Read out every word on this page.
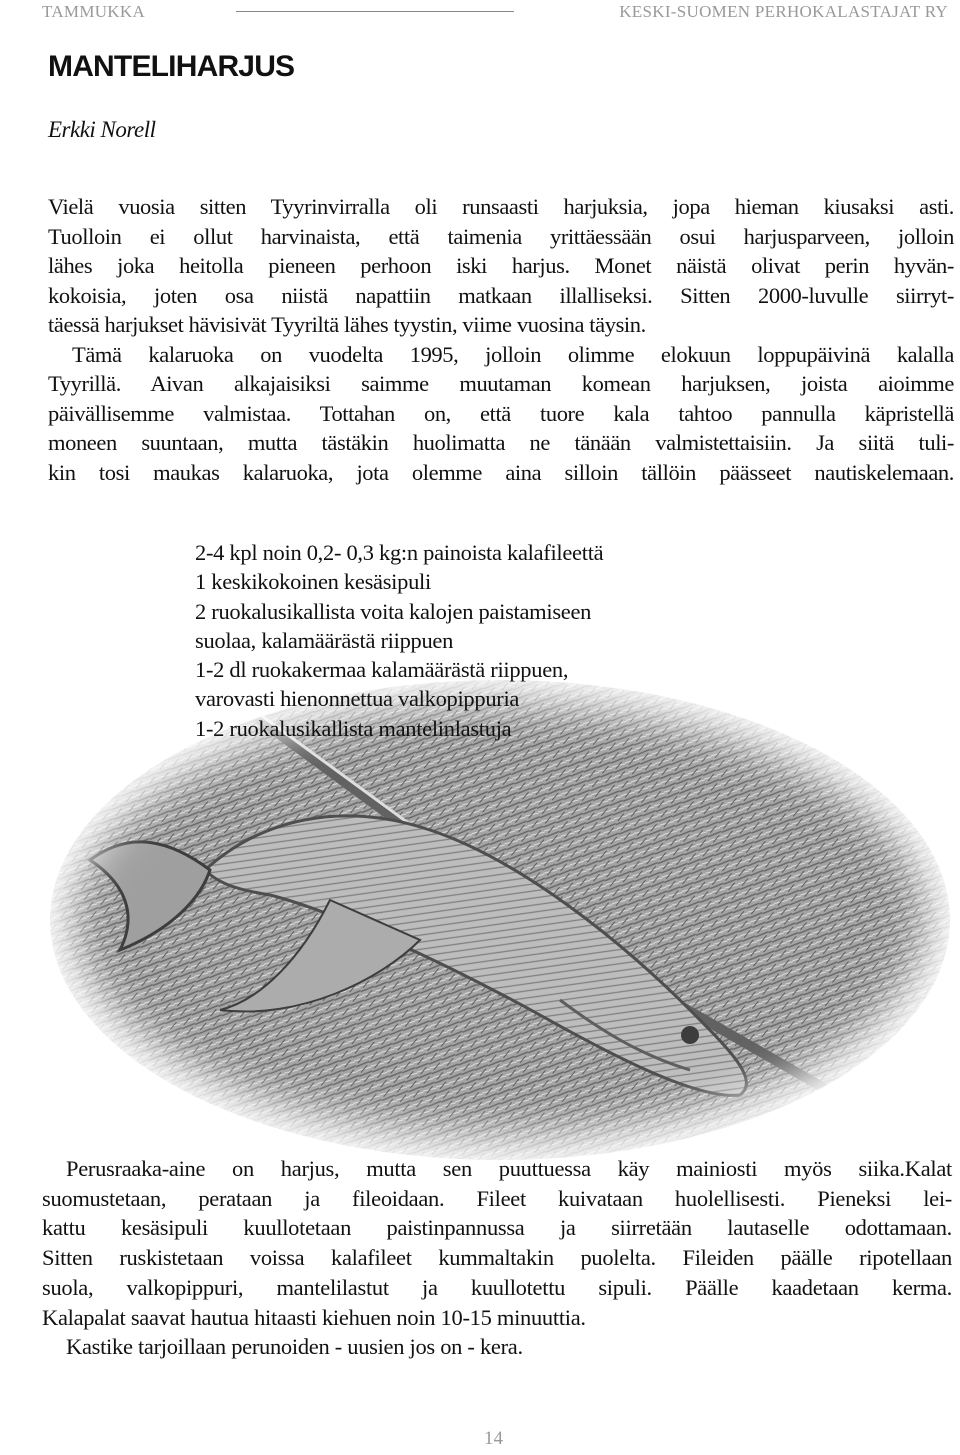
TAMMUKKA	KESKI-SUOMEN PERHOKALASTAJAT RY
MANTELIHARJUS
Erkki Norell

Vielä vuosia sitten Tyyrinvirralla oli runsaasti harjuksia, jopa hieman kiusaksi asti.
Tuolloin ei ollut harvinaista, että taimenia yrittäessään osui harjusparveen, jolloin
lähes joka heitolla pieneen perhoon iski harjus. Monet näistä olivat perin hyvän-
kokoisia, joten osa niistä napattiin matkaan illalliseksi. Sitten 2000-luvulle siirryt-
täessä harjukset hävisivät Tyyriltä lähes tyystin, viime vuosina täysin.

Tämä kalaruoka on vuodelta 1995, jolloin olimme elokuun loppupäivinä kalalla
Tyyrillä. Aivan alkajaisiksi saimme muutaman komean harjuksen, joista aioimme
päivällisemme valmistaa. Tottahan on, että tuore kala tahtoo pannulla käpristellä
moneen suuntaan, mutta tästäkin huolimatta ne tänään valmistettaisiin. Ja siitä tuli-
kin tosi maukas kalaruoka, jota olemme aina silloin tällöin päässeet nautiskelemaan.

2-4 kpl noin 0,2- 0,3 kg:n painoista kalafileettä
1 keskikokoinen kesäsipuli
2 ruokalusikallista voita kalojen paistamiseen
suolaa, kalamäärästä riippuen
1-2 dl ruokakermaa kalamäärästä riippuen,
varovasti hienonnettua valkopippuria
1-2 ruokalusikallista mantelinlastuja

Perusraaka-aine on harjus, mutta sen puuttuessa käy mainiosti myös siika.Kalat
suomustetaan, perataan ja fileoidaan. Fileet kuivataan huolellisesti. Pieneksi lei-
kattu kesäsipuli kuullotetaan paistinpannussa ja siirretään lautaselle odottamaan.
Sitten ruskistetaan voissa kalafileet kummaltakin puolelta. Fileiden päälle ripotellaan
suola, valkopippuri, mantelilastut ja kuullotettu sipuli. Päälle kaadetaan kerma.
Kalapalat saavat hautua hitaasti kiehuen noin 10-15 minuuttia.

Kastike tarjoillaan perunoiden - uusien jos on - kera.

14
